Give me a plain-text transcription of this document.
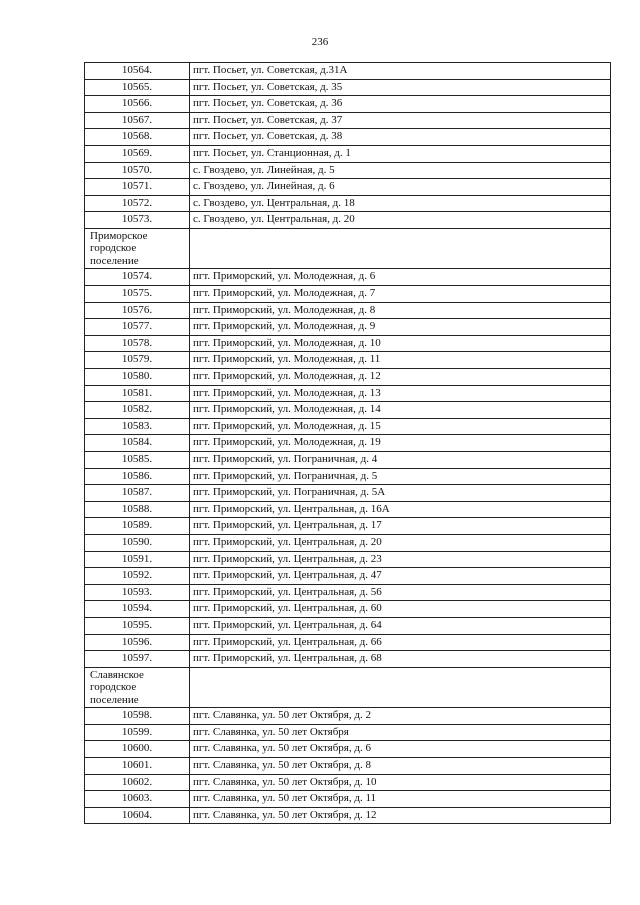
236
10564.	пгт. Посьет, ул. Советская, д.31А
10565.	пгт. Посьет, ул. Советская, д. 35
10566.	пгт. Посьет, ул. Советская, д. 36
10567.	пгт. Посьет, ул. Советская, д. 37
10568.	пгт. Посьет, ул. Советская, д. 38
10569.	пгт. Посьет, ул. Станционная, д. 1
10570.	с. Гвоздево, ул. Линейная, д. 5
10571.	с. Гвоздево, ул. Линейная, д. 6
10572.	с. Гвоздево, ул. Центральная, д. 18
10573.	с. Гвоздево, ул. Центральная, д. 20

Приморское
городское
поселение	

10574.	пгт. Приморский, ул. Молодежная, д. 6
10575.	пгт. Приморский, ул. Молодежная, д. 7
10576.	пгт. Приморский, ул. Молодежная, д. 8
10577.	пгт. Приморский, ул. Молодежная, д. 9
10578.	пгт. Приморский, ул. Молодежная, д. 10
10579.	пгт. Приморский, ул. Молодежная, д. 11
10580.	пгт. Приморский, ул. Молодежная, д. 12
10581.	пгт. Приморский, ул. Молодежная, д. 13
10582.	пгт. Приморский, ул. Молодежная, д. 14
10583.	пгт. Приморский, ул. Молодежная, д. 15
10584.	пгт. Приморский, ул. Молодежная, д. 19
10585.	пгт. Приморский, ул. Пограничная, д. 4
10586.	пгт. Приморский, ул. Пограничная, д. 5
10587.	пгт. Приморский, ул. Пограничная, д. 5А
10588.	пгт. Приморский, ул. Центральная, д. 16А
10589.	пгт. Приморский, ул. Центральная, д. 17
10590.	пгт. Приморский, ул. Центральная, д. 20
10591.	пгт. Приморский, ул. Центральная, д. 23
10592.	пгт. Приморский, ул. Центральная, д. 47
10593.	пгт. Приморский, ул. Центральная, д. 56
10594.	пгт. Приморский, ул. Центральная, д. 60
10595.	пгт. Приморский, ул. Центральная, д. 64
10596.	пгт. Приморский, ул. Центральная, д. 66
10597.	пгт. Приморский, ул. Центральная, д. 68

Славянское
городское
поселение	

10598.	пгт. Славянка, ул. 50 лет Октября, д. 2
10599.	пгт. Славянка, ул. 50 лет Октября
10600.	пгт. Славянка, ул. 50 лет Октября, д. 6
10601.	пгт. Славянка, ул. 50 лет Октября, д. 8
10602.	пгт. Славянка, ул. 50 лет Октября, д. 10
10603.	пгт. Славянка, ул. 50 лет Октября, д. 11
10604.	пгт. Славянка, ул. 50 лет Октября, д. 12
